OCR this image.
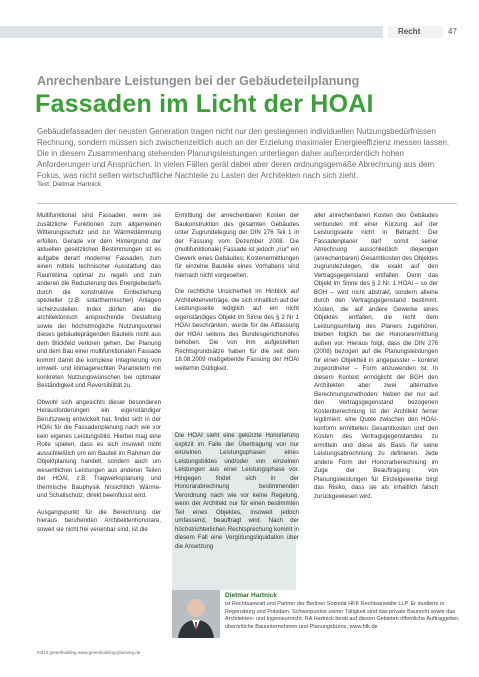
Recht	47
Anrechenbare Leistungen bei der Gebäudeteilplanung
Fassaden im Licht der HOAI
Gebäudefassaden der neusten Generation tragen nicht nur den gestiegenen individuellen Nutzungsbedürfnissen Rechnung, sondern müssen sich zwischenzeitlich auch an der Erzielung maximaler Energieeffizienz messen lassen. Die in diesem Zusammenhang stehenden Planungsleistungen unterliegen daher außerordentlich hohen Anforderungen und Ansprüchen. In vielen Fällen gerät dabei aber deren ordnungsgemäße Abrechnung aus dem Fokus, was nicht selten wirtschaftliche Nachteile zu Lasten der Architekten nach sich zieht.
Text: Dietmar Hartnick

Multifunktional sind Fassaden, wenn sie zusätzliche Funktionen zum allgemeinen Witterungsschutz und zur Wärmedämmung erfüllen. Gerade vor dem Hintergrund der aktuellen gesetzlichen Bestimmungen ist es aufgabe derart moderner Fassaden, zum einen mittels technischer Ausstattung das Raumklima optimal zu regeln und zum anderen die Reduzierung des Energiebedarfs durch die konstruktive Einbeziehung spezieller (z.B. solarthermischer) Anlagen sicherzustellen. Index dürfen aber die architektonisch ansprechende Gestaltung sowie der höchstmögliche Nutzungsvorteil dieses gebäudeprägenden Bauteils nicht aus dem Blickfeld verloren gehen. Der Planung und dem Bau einer multifunktionalen Fassade kommt damit die komplexe Integrierung von umwelt- und klimagerechten Parametern mit konkreten Nutzungswünschen bei optimaler Beständigkeit und Reversibilität zu.

Obwohl sich angesichts dieser besonderen Herausforderungen ein eigenständiger Berufszweig entwickelt hat, findet sich in der HOAI für die Fassadenplanung nach wie vor kein eigenes Leistungsbild. Hierbei mag eine Rolle spielen, dass es sich insoweit nicht ausschließlich um ein Bauteil im Rahmen der Objektplanung handelt, sondern auch um wesentlichen Leistungen aus anderen Teilen der HOAI, z.B. Tragwerksplanung und thermische Bauphysik hinsichtlich Wärme- und Schallschutz, direkt beeinflusst wird.

Ausgangspunkt für die Berechnung der hieraus beruhenden Architektenhonorare, soweit sie nicht frei vereinbar sind, ist die

Ermittlung der anrechenbaren Kosten der Baukonstruktion des gesamten Gebäudes unter Zugrundelegung der DIN 276 Teil 1 in der Fassung vom Dezember 2008. Die (multifunktionale) Fassade ist jedoch „nur“ ein Gewerk eines Gebäudes; Kostenermittlungen für einzelne Bauteile eines Vorhabens sind hiernach nicht vorgesehen.

Die rechtliche Unsicherheit im Hinblick auf Architektenverträge, die sich inhaltlich auf der Leistungsseite lediglich auf ein nicht eigenständiges Objekt im Sinne des § 2 Nr 1 HOAI beschränken, wurde für die Altfassung der HOAI seitens des Bundesgerichtshofes behoben. Die von ihm aufgestellten Rechtsgrundsätze haben für die seit dem 18.08.2009 maßgebende Fassung der HOAI weiterhin Gültigkeit.

Die HOAI sieht eine gekürzte Honorierung explizit im Falle der Übertragung von nur einzelnen Leistungsphasen eines Leistungsbildes und/oder von einzelnen Leistungen aus einer Leistungsphase vor. Hingegen findet sich in der Honorarabrechnung bestimmenden Verordnung nach wie vor keine Regelung, wenn der Architekt nur für einen bestimmten Teil eines Objektes, insoweit jedoch umfassend, beauftragt wird. Nach der höchstrichterlichen Rechtsprechung kommt in diesem Fall eine Vergütungsliquidation über die Ansetzung

aller anrechenbaren Kosten des Gebäudes verbunden mit einer Kürzung auf der Leistungsseite nicht in Betracht. Der Fassadenplaner darf somit seiner Abrechnung ausschließlich diejenigen (anrechenbaren) Gesamtkosten des Objektes zugrundezulegen, die exakt auf den Vertragsgegenstand entfallen. Denn das Objekt im Sinne des § 2 Nr. 1 HOAI – so der BGH – wird nicht abstrakt, sondern alleine durch den Vertragsgegenstand bestimmt. Kosten, die auf andere Gewerke eines Objektes entfallen, die nicht dem Leistungsumfang des Planers zugehören, bleiben folglich bei der Honorarermittlung außen vor. Hieraus folgt, dass die DIN 276 (2008) bezogen auf die Planungsleistungen für einen Objektteil in angepasster – konkret zugeordneter – Form anzuwenden ist. In diesem Kontext ermöglicht der BGH den Architekten aber zwei alternative Berechnungsmethoden: Neben der nur auf den Vertragsgegenstand bezogenen Kostenberechnung ist der Architekt ferner legitimiert, eine Quote zwischen den HOAI-konform ermittelten Gesamtkosten und den Kosten des Vertragsgegenstandes zu ermitteln und diese als Basis für seine Leistungsabrechnung zu definieren. Jede andere Form der Honorarberechnung im Zuge der Beauftragung von Planungsleistungen für Einzelgewerke birgt das Risiko, dass sie als inhaltlich falsch zurückgewiesen wird.

Dietmar Hartnick
ist Rechtsanwalt und Partner der Berliner Sozietät HFK Rechtsanwälte LLP. Er studierte in Regensburg und Potsdam. Schwerpunkte seiner Tätigkeit sind das private Baurecht sowie das Architekten- und Ingenieurrecht. RA Hartnick berät auf diesen Gebieten öffentliche Auftraggeber, überörtliche Bauunternehmen und Planungsbüros. www.hfk.de
04|12 greenbuilding www.greenbuilding-planning.de
